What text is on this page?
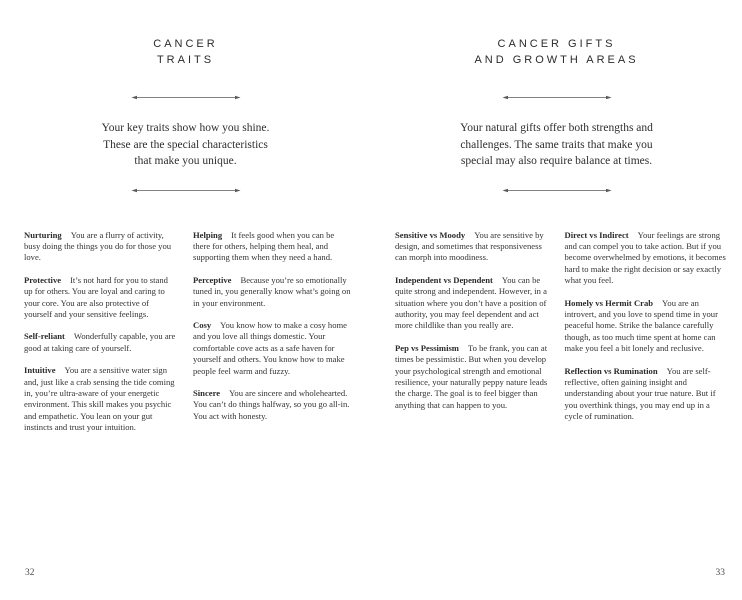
CANCER
TRAITS
Your key traits show how you shine.
These are the special characteristics
that make you unique.

Nurturing You are a flurry of activity, busy doing the things you do for those you love.

Protective It’s not hard for you to stand up for others. You are loyal and caring to your core. You are also protective of yourself and your sensitive feelings.

Self-reliant Wonderfully capable, you are good at taking care of yourself.

Intuitive You are a sensitive water sign and, just like a crab sensing the tide coming in, you’re ultra-aware of your energetic environment. This skill makes you psychic and empathetic. You lean on your gut instincts and trust your intuition.

Helping It feels good when you can be there for others, helping them heal, and supporting them when they need a hand.

Perceptive Because you’re so emotionally tuned in, you generally know what’s going on in your environment.

Cosy You know how to make a cosy home and you love all things domestic. Your comfortable cove acts as a safe haven for yourself and others. You know how to make people feel warm and fuzzy.

Sincere You are sincere and wholehearted. You can’t do things halfway, so you go all-in. You act with honesty.

32
CANCER GIFTS
AND GROWTH AREAS
Your natural gifts offer both strengths and
challenges. The same traits that make you
special may also require balance at times.

Sensitive vs Moody You are sensitive by design, and sometimes that responsiveness can morph into moodiness.

Independent vs Dependent You can be quite strong and independent. However, in a situation where you don’t have a position of authority, you may feel dependent and act more childlike than you really are.

Pep vs Pessimism To be frank, you can at times be pessimistic. But when you develop your psychological strength and emotional resilience, your naturally peppy nature leads the charge. The goal is to feel bigger than anything that can happen to you.

Direct vs Indirect Your feelings are strong and can compel you to take action. But if you become overwhelmed by emotions, it becomes hard to make the right decision or say exactly what you feel.

Homely vs Hermit Crab You are an introvert, and you love to spend time in your peaceful home. Strike the balance carefully though, as too much time spent at home can make you feel a bit lonely and reclusive.

Reflection vs Rumination You are self-reflective, often gaining insight and understanding about your true nature. But if you overthink things, you may end up in a cycle of rumination.

33
